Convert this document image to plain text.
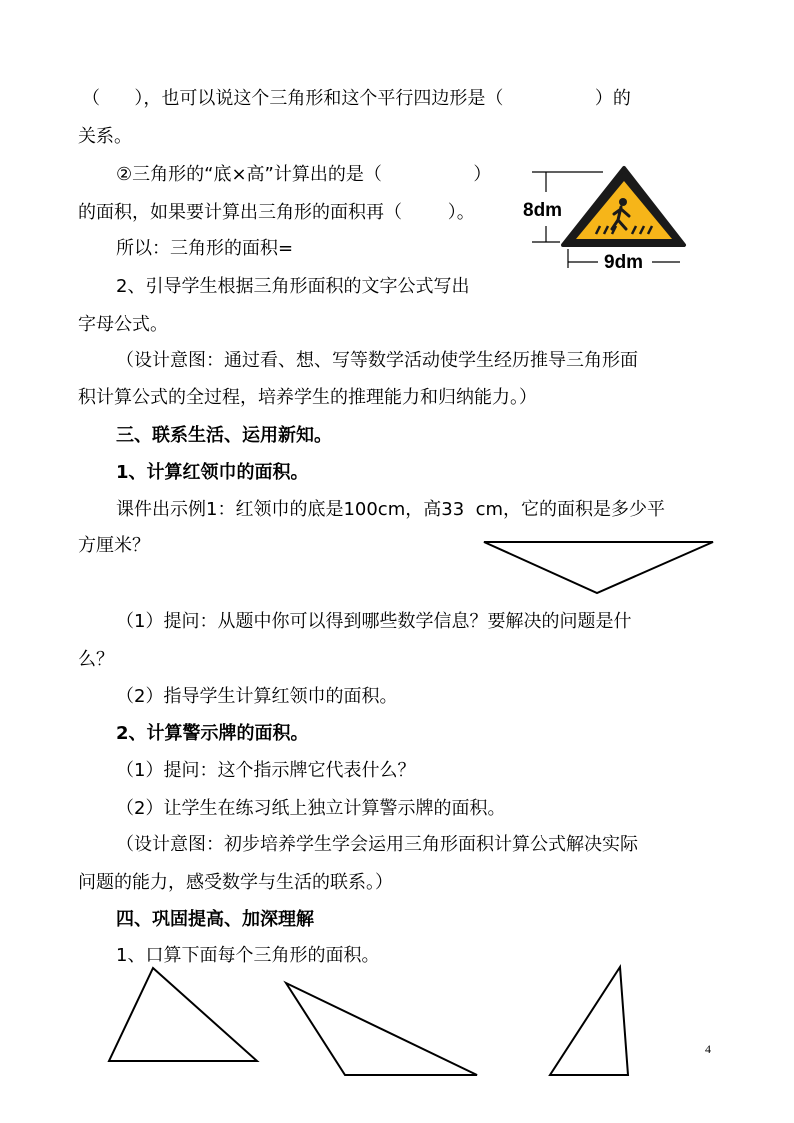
（      ），也可以说这个三角形和这个平行四边形是（                ）的
关系。
②三角形的“底×高”计算出的是（                ）
的面积，如果要计算出三角形的面积再（        ）。
所以：三角形的面积=
2、引导学生根据三角形面积的文字公式写出
字母公式。
（设计意图：通过看、想、写等数学活动使学生经历推导三角形面
积计算公式的全过程，培养学生的推理能力和归纳能力。）
三、联系生活、运用新知。
1、计算红领巾的面积。
课件出示例1：红领巾的底是100cm，高33  cm，它的面积是多少平
方厘米？
（1）提问：从题中你可以得到哪些数学信息？要解决的问题是什
么？
（2）指导学生计算红领巾的面积。
2、计算警示牌的面积。
（1）提问：这个指示牌它代表什么？
（2）让学生在练习纸上独立计算警示牌的面积。
（设计意图：初步培养学生学会运用三角形面积计算公式解决实际
问题的能力，感受数学与生活的联系。）
四、巩固提高、加深理解
1、口算下面每个三角形的面积。
8dm
9dm
4
